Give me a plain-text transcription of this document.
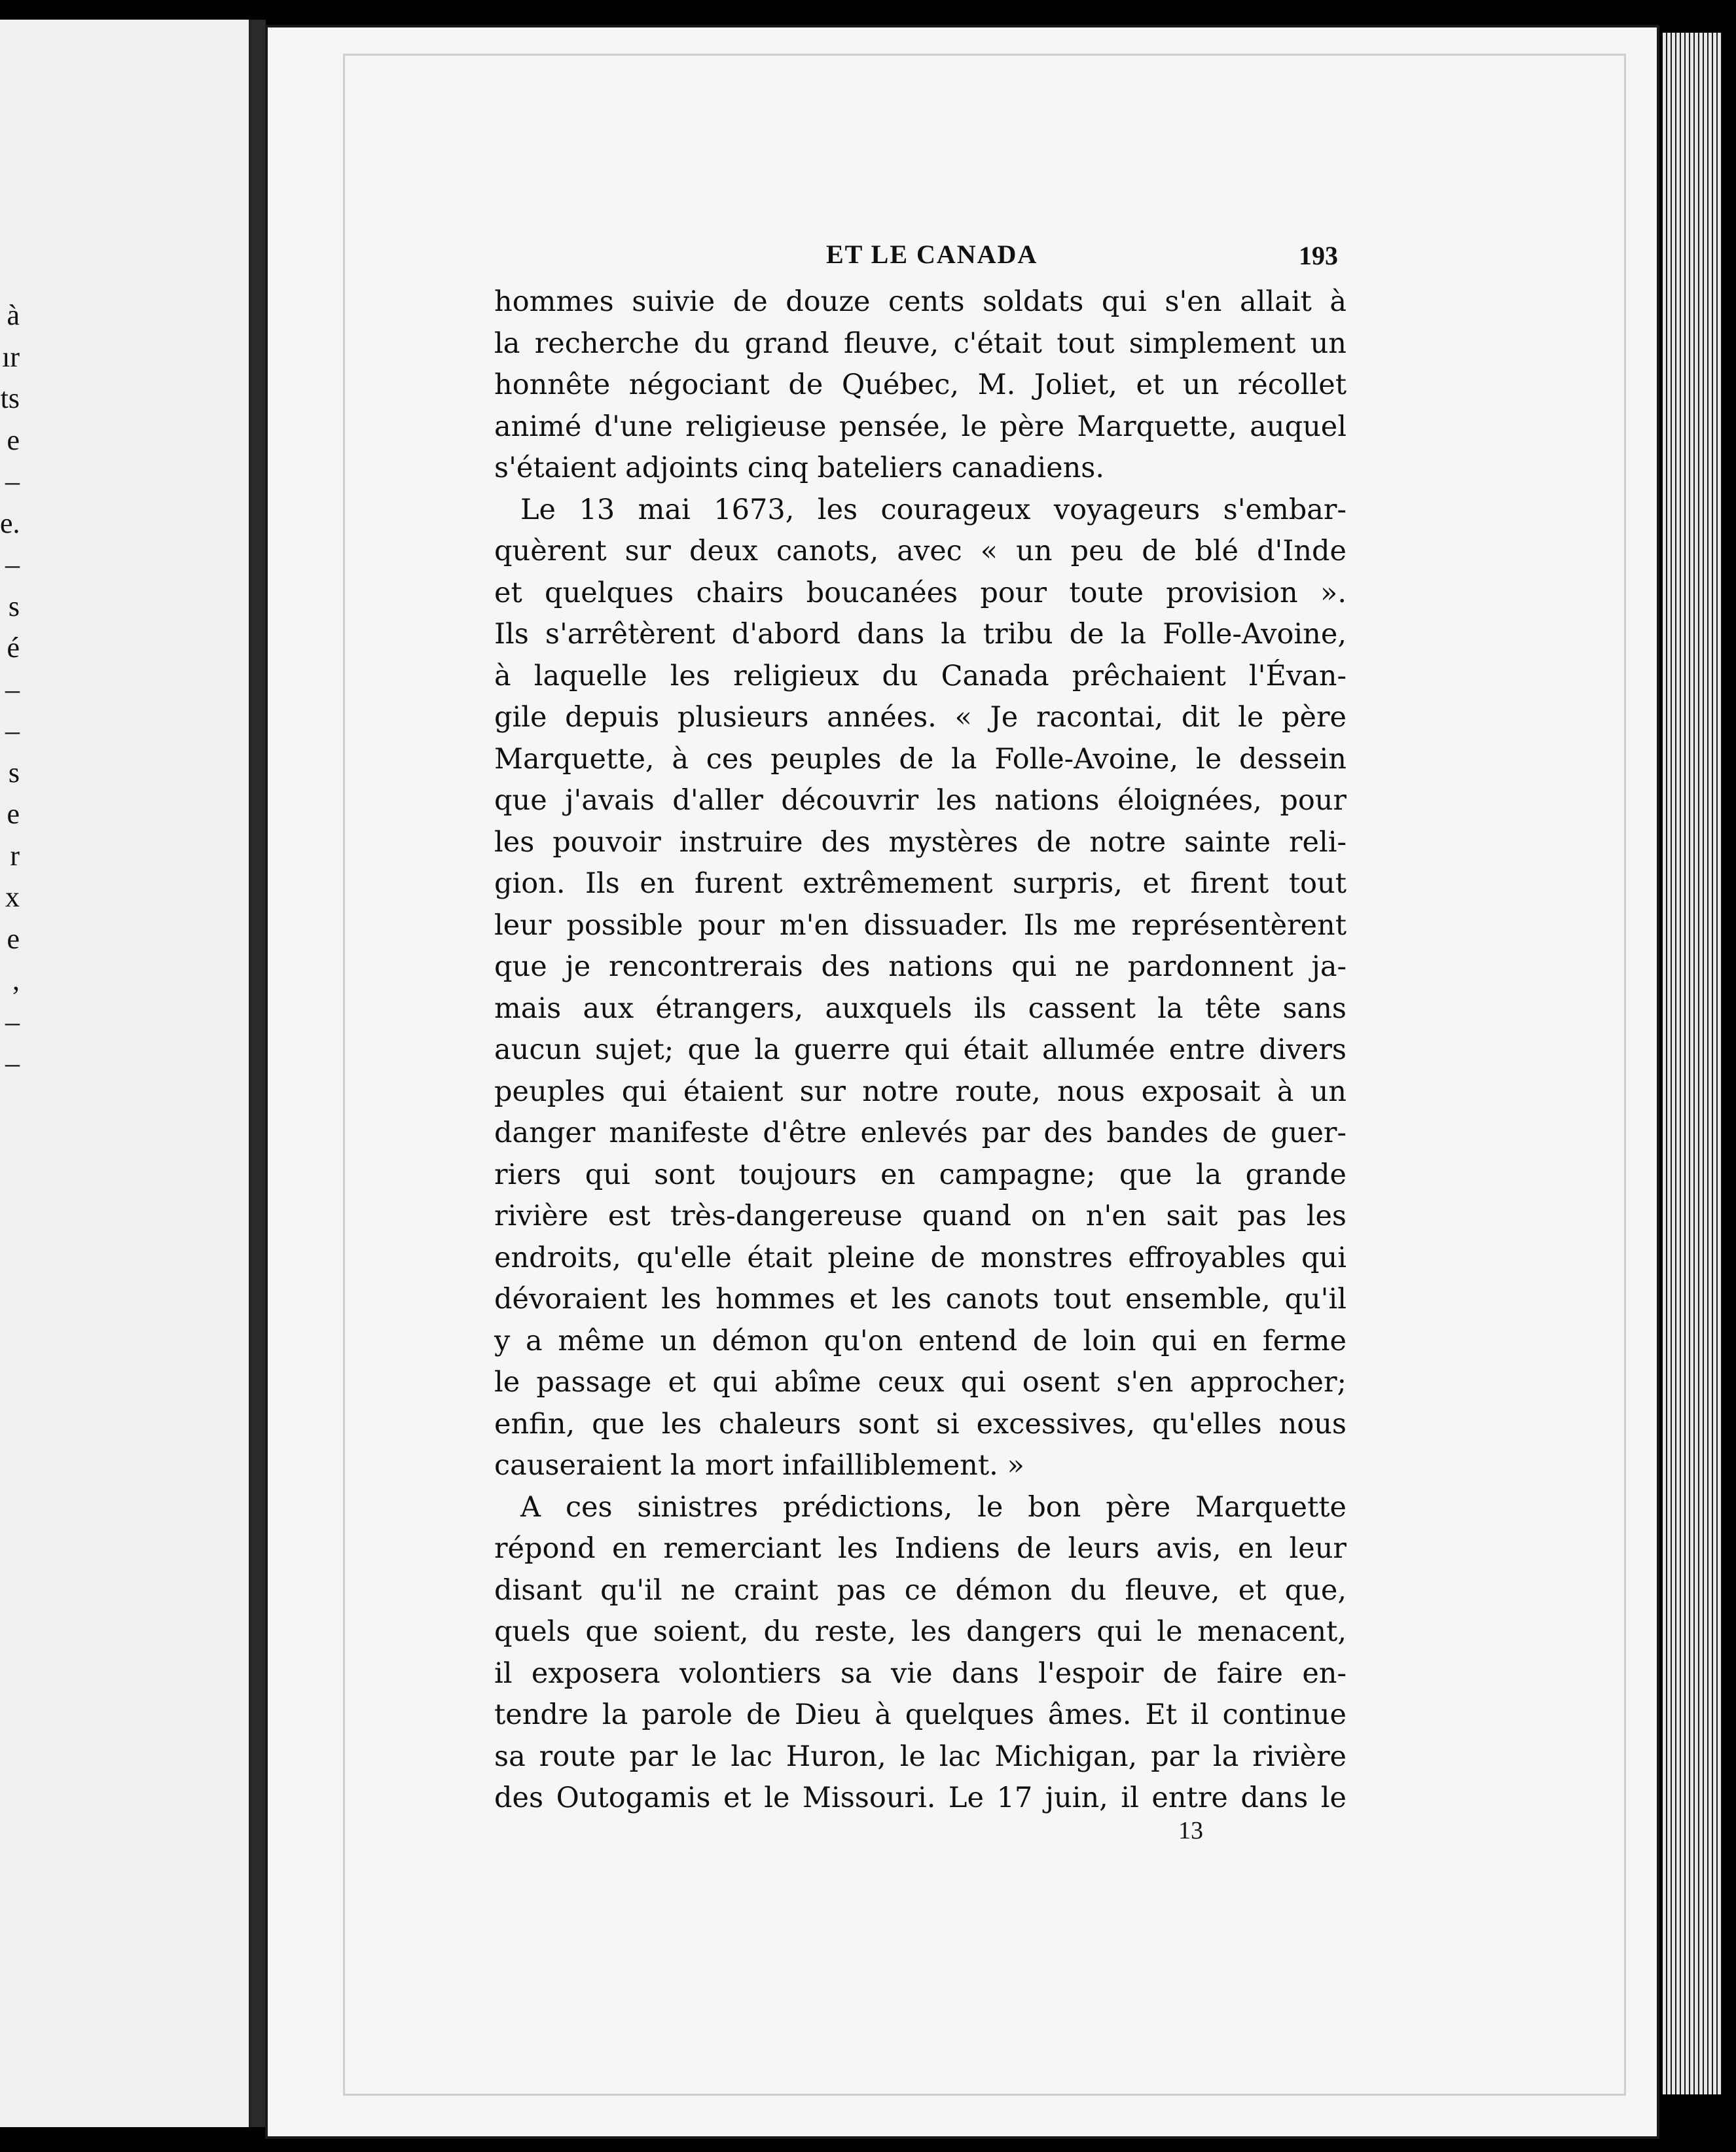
à
ır
ts
e
–
e.
–
s
é
–
–
s
e
r
x
e
,
–
–
ET LE CANADA	193
hommes suivie de douze cents soldats qui s'en allait à
la recherche du grand fleuve, c'était tout simplement un
honnête négociant de Québec, M. Joliet, et un récollet
animé d'une religieuse pensée, le père Marquette, auquel
s'étaient adjoints cinq bateliers canadiens.
Le 13 mai 1673, les courageux voyageurs s'embar-
quèrent sur deux canots, avec « un peu de blé d'Inde
et quelques chairs boucanées pour toute provision ».
Ils s'arrêtèrent d'abord dans la tribu de la Folle-Avoine,
à laquelle les religieux du Canada prêchaient l'Évan-
gile depuis plusieurs années. « Je racontai, dit le père
Marquette, à ces peuples de la Folle-Avoine, le dessein
que j'avais d'aller découvrir les nations éloignées, pour
les pouvoir instruire des mystères de notre sainte reli-
gion. Ils en furent extrêmement surpris, et firent tout
leur possible pour m'en dissuader. Ils me représentèrent
que je rencontrerais des nations qui ne pardonnent ja-
mais aux étrangers, auxquels ils cassent la tête sans
aucun sujet; que la guerre qui était allumée entre divers
peuples qui étaient sur notre route, nous exposait à un
danger manifeste d'être enlevés par des bandes de guer-
riers qui sont toujours en campagne; que la grande
rivière est très-dangereuse quand on n'en sait pas les
endroits, qu'elle était pleine de monstres effroyables qui
dévoraient les hommes et les canots tout ensemble, qu'il
y a même un démon qu'on entend de loin qui en ferme
le passage et qui abîme ceux qui osent s'en approcher;
enfin, que les chaleurs sont si excessives, qu'elles nous
causeraient la mort infailliblement. »
A ces sinistres prédictions, le bon père Marquette
répond en remerciant les Indiens de leurs avis, en leur
disant qu'il ne craint pas ce démon du fleuve, et que,
quels que soient, du reste, les dangers qui le menacent,
il exposera volontiers sa vie dans l'espoir de faire en-
tendre la parole de Dieu à quelques âmes. Et il continue
sa route par le lac Huron, le lac Michigan, par la rivière
des Outogamis et le Missouri. Le 17 juin, il entre dans le
13
